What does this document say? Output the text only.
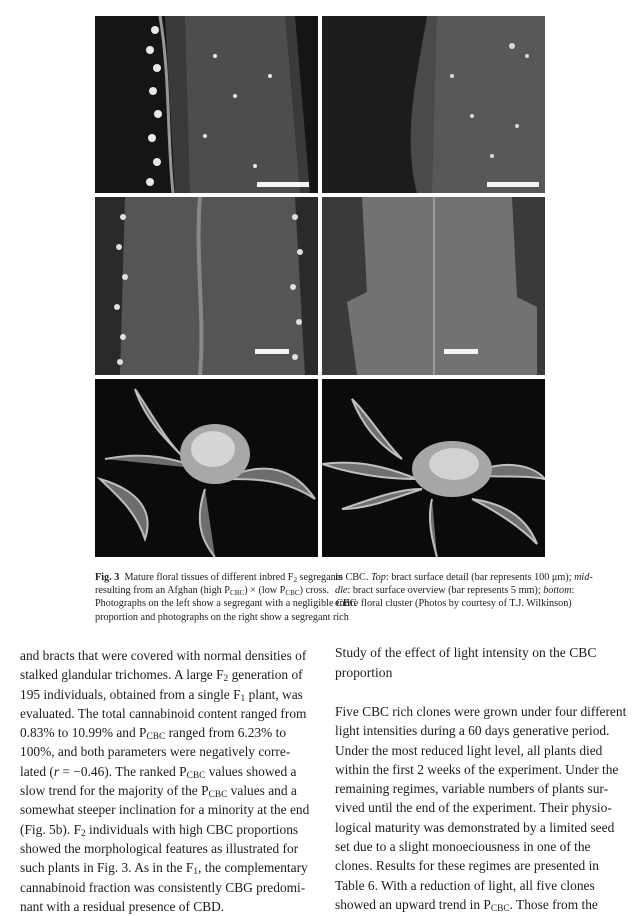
Fig. 3  Mature floral tissues of different inbred $F_2$ segregants
resulting from an Afghan (high $P_{CBC}) \times (low$ $P_{CBC}$) cross.
Photographs on the left show a segregant with a negligible CBC
proportion and photographs on the right show a segregant rich
in CBC. Top: bract surface detail (bar represents 100 μm); mid-
dle: bract surface overview (bar represents 5 mm); bottom:
entire floral cluster (Photos by courtesy of T.J. Wilkinson)
and bracts that were covered with normal densities of
stalked glandular trichomes. A large $F_2$ generation of
195 individuals, obtained from a single $F_1$ plant, was
evaluated. The total cannabinoid content ranged from
0.83% to 10.99% and $P_{CBC}$ ranged from 6.23% to
100%, and both parameters were negatively corre-
lated (r = −0.46). The ranked $P_{CBC}$ values showed a
slow trend for the majority of the $P_{CBC}$ values and a
somewhat steeper inclination for a minority at the end
(Fig. 5b). $F_2$ individuals with high CBC proportions
showed the morphological features as illustrated for
such plants in Fig. 3. As in the $F_1$, the complementary
cannabinoid fraction was consistently CBG predomi-
nant with a residual presence of CBD.
Study of the effect of light intensity on the CBC
proportion
Five CBC rich clones were grown under four different
light intensities during a 60 days generative period.
Under the most reduced light level, all plants died
within the first 2 weeks of the experiment. Under the
remaining regimes, variable numbers of plants sur-
vived until the end of the experiment. Their physio-
logical maturity was demonstrated by a limited seed
set due to a slight monoeciousness in one of the
clones. Results for these regimes are presented in
Table 6. With a reduction of light, all five clones
showed an upward trend in $P_{CBC}$. Those from the
